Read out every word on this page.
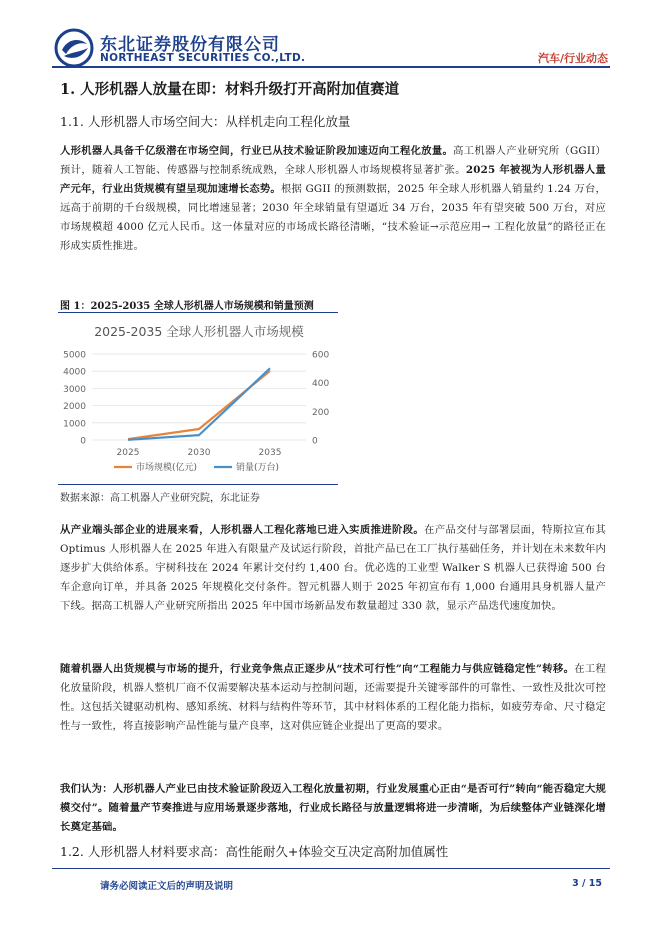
东北证券股份有限公司
NORTHEAST SECURITIES CO.,LTD.	汽车/行业动态
1. 人形机器人放量在即：材料升级打开高附加值赛道
1.1. 人形机器人市场空间大：从样机走向工程化放量

人形机器人具备千亿级潜在市场空间，行业已从技术验证阶段加速迈向工程化放量。高工机器人产业研究所（GGII）预计，随着人工智能、传感器与控制系统成熟，全球人形机器人市场规模将显著扩张。2025 年被视为人形机器人量产元年，行业出货规模有望呈现加速增长态势。根据 GGII 的预测数据，2025 年全球人形机器人销量约 1.24 万台，远高于前期的千台级规模，同比增速显著；2030 年全球销量有望逼近 34 万台，2035 年有望突破 500 万台，对应市场规模超 4000 亿元人民币。这一体量对应的市场成长路径清晰，“技术验证→示范应用→ 工程化放量”的路径正在形成实质性推进。

图 1：2025-2035 全球人形机器人市场规模和销量预测
2025-2035 全球人形机器人市场规模
0
1000
2000
3000
4000
5000
0
200
400
600
2025	2030	2035
市场规模(亿元)	销量(万台)
数据来源：高工机器人产业研究院，东北证券

从产业端头部企业的进展来看，人形机器人工程化落地已进入实质推进阶段。在产品交付与部署层面，特斯拉宣布其 Optimus 人形机器人在 2025 年进入有限量产及试运行阶段，首批产品已在工厂执行基础任务，并计划在未来数年内逐步扩大供给体系。宇树科技在 2024 年累计交付约 1,400 台。优必选的工业型 Walker S 机器人已获得逾 500 台车企意向订单，并具备 2025 年规模化交付条件。智元机器人则于 2025 年初宣布有 1,000 台通用具身机器人量产下线。据高工机器人产业研究所指出 2025 年中国市场新品发布数量超过 330 款，显示产品迭代速度加快。

随着机器人出货规模与市场的提升，行业竞争焦点正逐步从“技术可行性”向“工程能力与供应链稳定性”转移。在工程化放量阶段，机器人整机厂商不仅需要解决基本运动与控制问题，还需要提升关键零部件的可靠性、一致性及批次可控性。这包括关键驱动机构、感知系统、材料与结构件等环节，其中材料体系的工程化能力指标，如疲劳寿命、尺寸稳定性与一致性，将直接影响产品性能与量产良率，这对供应链企业提出了更高的要求。

我们认为：人形机器人产业已由技术验证阶段迈入工程化放量初期，行业发展重心正由“是否可行”转向“能否稳定大规模交付”。随着量产节奏推进与应用场景逐步落地，行业成长路径与放量逻辑将进一步清晰，为后续整体产业链深化增长奠定基础。

1.2. 人形机器人材料要求高：高性能耐久+体验交互决定高附加值属性
请务必阅读正文后的声明及说明	3 / 15
